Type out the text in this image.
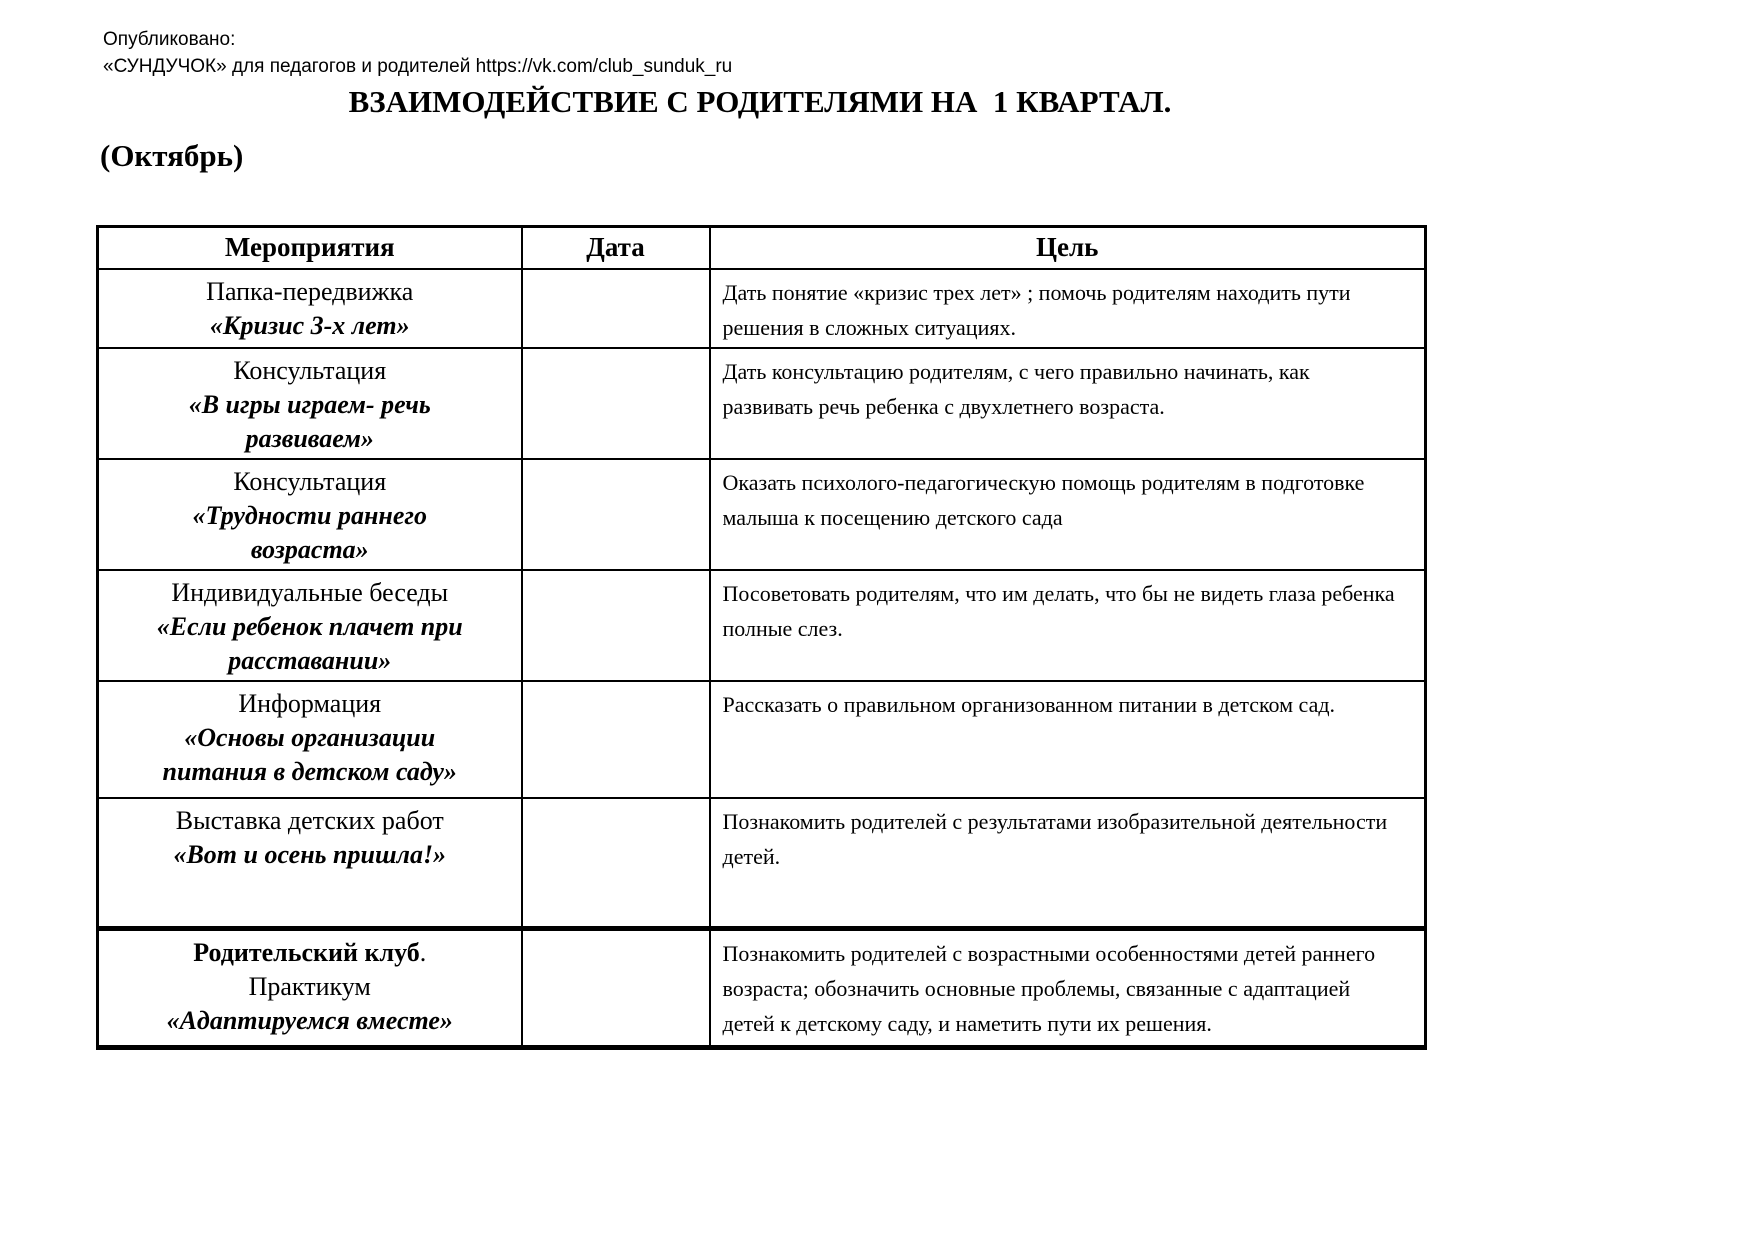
Опубликовано:
«СУНДУЧОК» для педагогов и родителей https://vk.com/club_sunduk_ru
ВЗАИМОДЕЙСТВИЕ С РОДИТЕЛЯМИ НА  1 КВАРТАЛ.
(Октябрь)
Мероприятия	Дата	Цель

Папка-передвижка
«Кризис 3-х лет»		Дать понятие «кризис трех лет» ; помочь родителям находить пути решения в сложных ситуациях.

Консультация
«В игры играем- речь развиваем»		Дать консультацию родителям, с чего правильно начинать, как развивать речь ребенка с двухлетнего возраста.

Консультация
«Трудности раннего возраста»		Оказать психолого-педагогическую помощь родителям в подготовке малыша к посещению детского сада

Индивидуальные беседы
«Если ребенок плачет при расставании»		Посоветовать родителям, что им делать, что бы не видеть глаза ребенка полные слез.

Информация
«Основы организации питания в детском саду»		Рассказать о правильном организованном питании в детском сад.

Выставка детских работ
«Вот и осень пришла!»		Познакомить родителей с результатами изобразительной деятельности детей.

Родительский клуб.
Практикум «Адаптируемся вместе»		Познакомить родителей с возрастными особенностями детей раннего возраста; обозначить основные проблемы, связанные с адаптацией детей к детскому саду, и наметить пути их решения.
